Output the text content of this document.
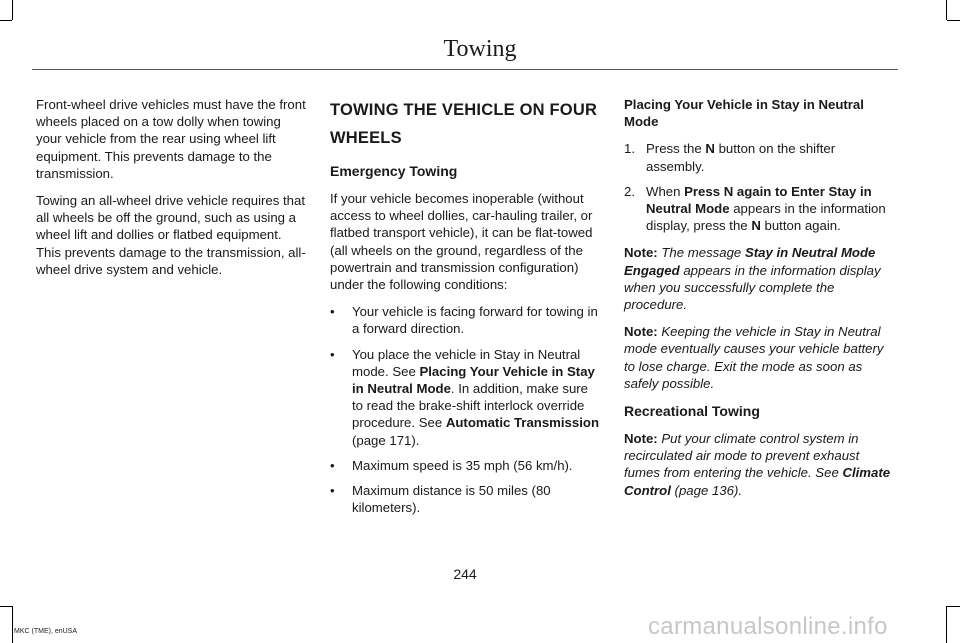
Towing

Front-wheel drive vehicles must have the front wheels placed on a tow dolly when towing your vehicle from the rear using wheel lift equipment. This prevents damage to the transmission.

Towing an all-wheel drive vehicle requires that all wheels be off the ground, such as using a wheel lift and dollies or flatbed equipment. This prevents damage to the transmission, all-wheel drive system and vehicle.

TOWING THE VEHICLE ON FOUR WHEELS
Emergency Towing

If your vehicle becomes inoperable (without access to wheel dollies, car-hauling trailer, or flatbed transport vehicle), it can be flat-towed (all wheels on the ground, regardless of the powertrain and transmission configuration) under the following conditions:

• Your vehicle is facing forward for towing in a forward direction.
• You place the vehicle in Stay in Neutral mode. See Placing Your Vehicle in Stay in Neutral Mode. In addition, make sure to read the brake-shift interlock override procedure. See Automatic Transmission (page 171).
• Maximum speed is 35 mph (56 km/h).
• Maximum distance is 50 miles (80 kilometers).
Placing Your Vehicle in Stay in Neutral Mode
1. Press the N button on the shifter assembly.
2. When Press N again to Enter Stay in Neutral Mode appears in the information display, press the N button again.

Note: The message Stay in Neutral Mode Engaged appears in the information display when you successfully complete the procedure.

Note: Keeping the vehicle in Stay in Neutral mode eventually causes your vehicle battery to lose charge. Exit the mode as soon as safely possible.

Recreational Towing

Note: Put your climate control system in recirculated air mode to prevent exhaust fumes from entering the vehicle. See Climate Control (page 136).

244
MKC (TME), enUSA	carmanualsonline.info
